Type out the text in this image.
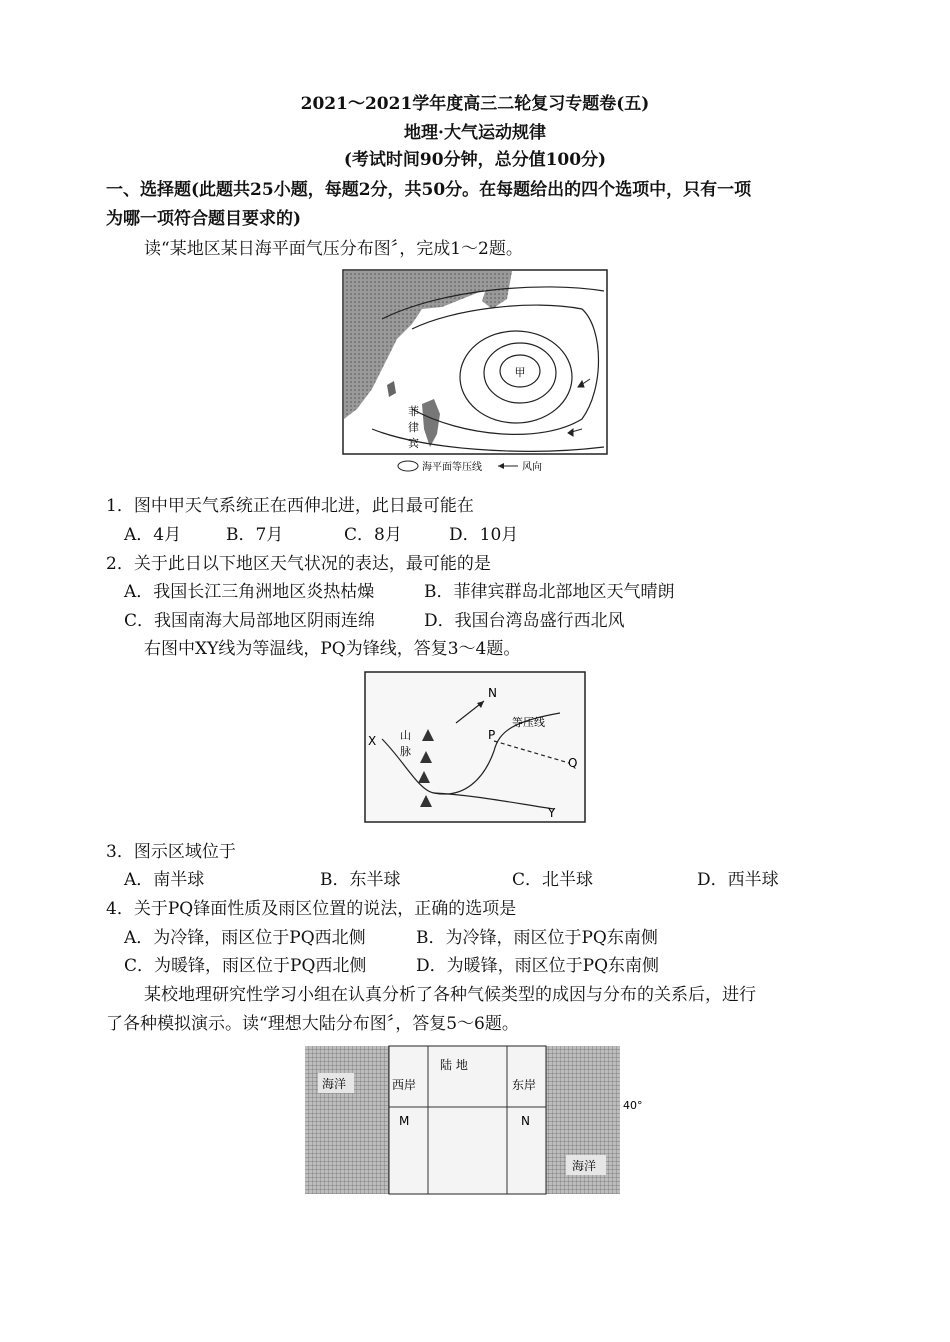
2021～2021学年度高三二轮复习专题卷(五)
地理·大气运动规律
(考试时间90分钟，总分值100分)
一、选择题(此题共25小题，每题2分，共50分。在每题给出的四个选项中，只有一项
为哪一项符合题目要求的)
读“某地区某日海平面气压分布图〞，完成1～2题。
甲
菲
律
宾
海平面等压线	风向
1．图中甲天气系统正在西伸北进，此日最可能在
A．4月	B．7月	C．8月	D．10月
2．关于此日以下地区天气状况的表达，最可能的是
A．我国长江三角洲地区炎热枯燥	B．菲律宾群岛北部地区天气晴朗
C．我国南海大局部地区阴雨连绵	D．我国台湾岛盛行西北风
右图中XY线为等温线，PQ为锋线，答复3～4题。
N
X
Y
P
Q
等压线
山
脉
3．图示区域位于
A．南半球	B．东半球	C．北半球	D．西半球
4．关于PQ锋面性质及雨区位置的说法，正确的选项是
A．为冷锋，雨区位于PQ西北侧	B．为冷锋，雨区位于PQ东南侧
C．为暖锋，雨区位于PQ西北侧	D．为暖锋，雨区位于PQ东南侧
某校地理研究性学习小组在认真分析了各种气候类型的成因与分布的关系后，进行
了各种模拟演示。读“理想大陆分布图〞，答复5～6题。
海洋	西岸
陆 地
东岸
M	N
40°
海洋
